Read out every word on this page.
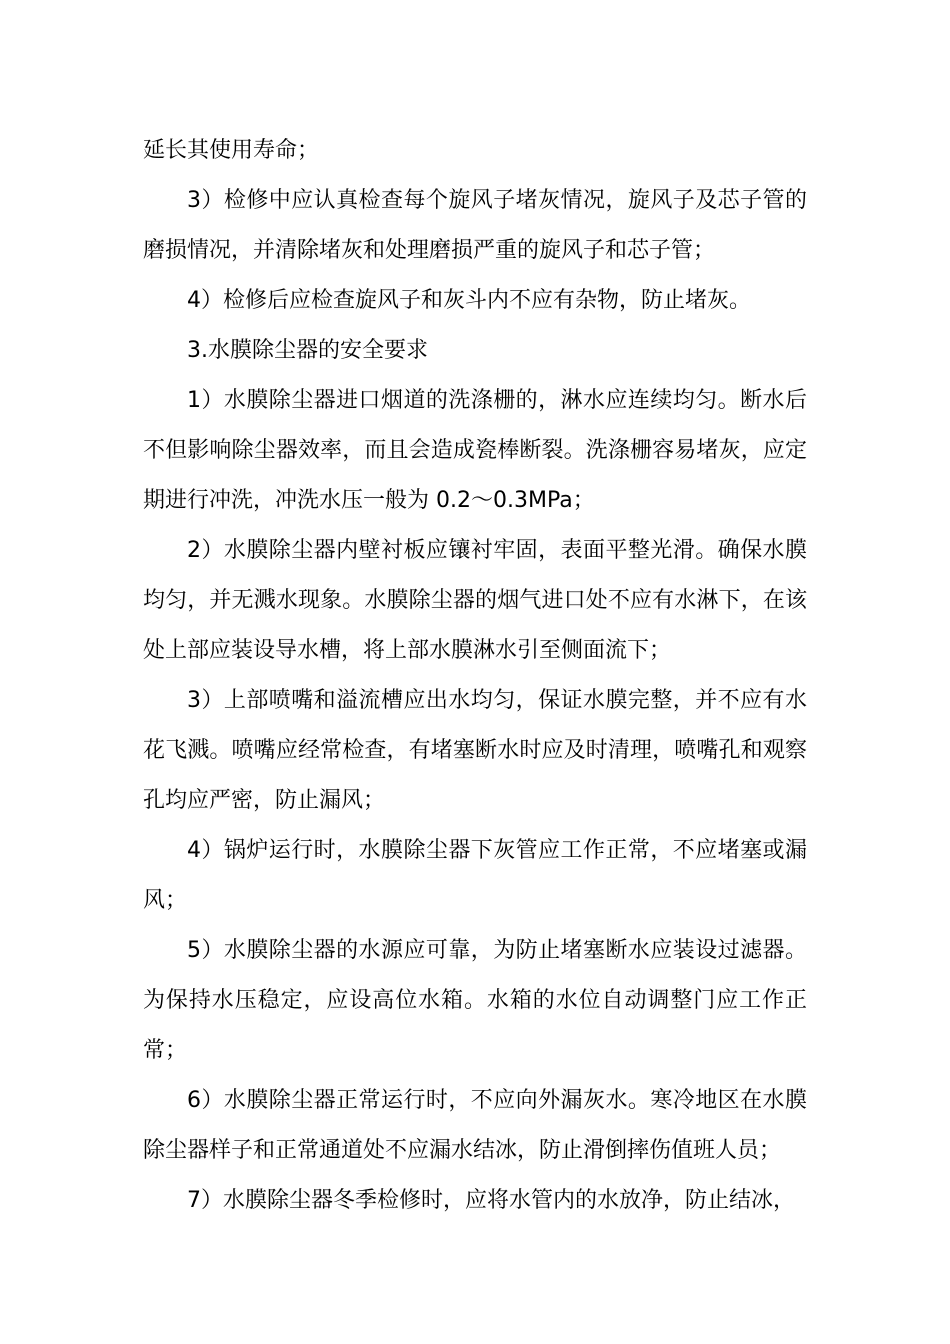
延长其使用寿命；

3）检修中应认真检查每个旋风子堵灰情况，旋风子及芯子管的磨损情况，并清除堵灰和处理磨损严重的旋风子和芯子管；

4）检修后应检查旋风子和灰斗内不应有杂物，防止堵灰。

3.水膜除尘器的安全要求

1）水膜除尘器进口烟道的洗涤栅的，淋水应连续均匀。断水后不但影响除尘器效率，而且会造成瓷棒断裂。洗涤栅容易堵灰，应定期进行冲洗，冲洗水压一般为 0.2～0.3MPa；

2）水膜除尘器内壁衬板应镶衬牢固，表面平整光滑。确保水膜均匀，并无溅水现象。水膜除尘器的烟气进口处不应有水淋下，在该处上部应装设导水槽，将上部水膜淋水引至侧面流下；

3）上部喷嘴和溢流槽应出水均匀，保证水膜完整，并不应有水花飞溅。喷嘴应经常检查，有堵塞断水时应及时清理，喷嘴孔和观察孔均应严密，防止漏风；

4）锅炉运行时，水膜除尘器下灰管应工作正常，不应堵塞或漏风；

5）水膜除尘器的水源应可靠，为防止堵塞断水应装设过滤器。为保持水压稳定，应设高位水箱。水箱的水位自动调整门应工作正常；

6）水膜除尘器正常运行时，不应向外漏灰水。寒冷地区在水膜除尘器样子和正常通道处不应漏水结冰，防止滑倒摔伤值班人员；

7）水膜除尘器冬季检修时，应将水管内的水放净，防止结冰，
